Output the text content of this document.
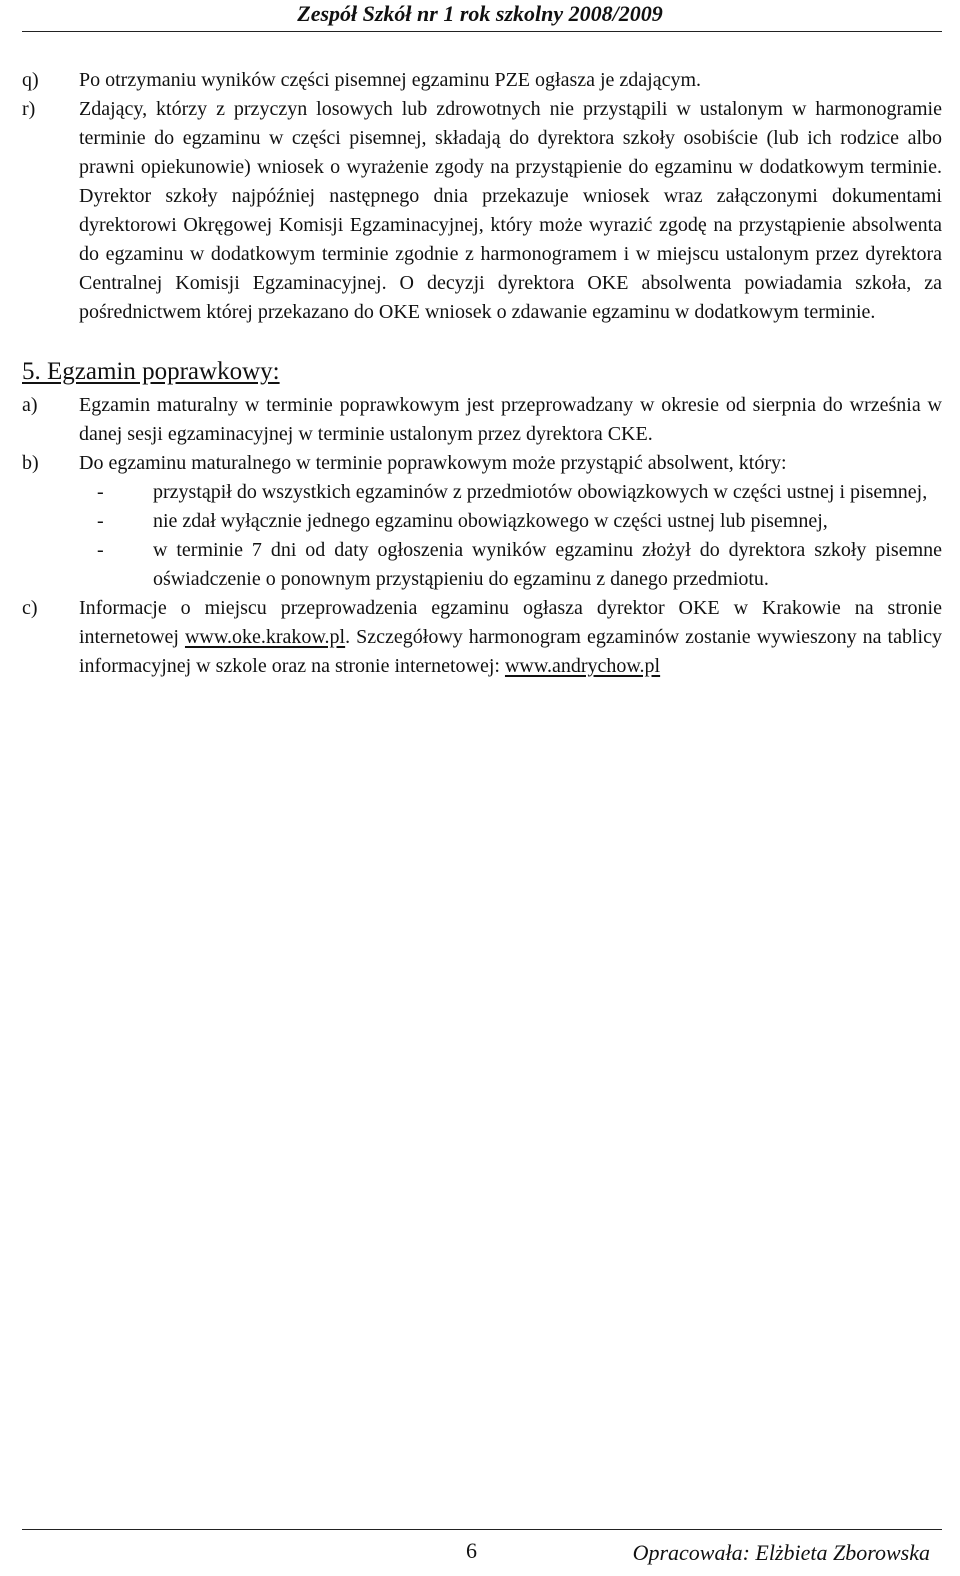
Zespół Szkół nr 1 rok szkolny 2008/2009
q)	Po otrzymaniu wyników części pisemnej egzaminu PZE ogłasza je zdającym.
r)	Zdający, którzy z przyczyn losowych lub zdrowotnych nie przystąpili w ustalonym w harmonogramie terminie do egzaminu w części pisemnej, składają do dyrektora szkoły osobiście (lub ich rodzice albo prawni opiekunowie) wniosek o wyrażenie zgody na przystąpienie do egzaminu w dodatkowym terminie. Dyrektor szkoły najpóźniej następnego dnia przekazuje wniosek wraz załączonymi dokumentami dyrektorowi Okręgowej Komisji Egzaminacyjnej, który może wyrazić zgodę na przystąpienie absolwenta do egzaminu w dodatkowym terminie zgodnie z harmonogramem i w miejscu ustalonym przez dyrektora Centralnej Komisji Egzaminacyjnej. O decyzji dyrektora OKE absolwenta powiadamia szkoła, za pośrednictwem której przekazano do OKE wniosek o zdawanie egzaminu w dodatkowym terminie.
5. Egzamin poprawkowy:
a)	Egzamin maturalny w terminie poprawkowym jest przeprowadzany w okresie od sierpnia do września w danej sesji egzaminacyjnej w terminie ustalonym przez dyrektora CKE.
b)	Do egzaminu maturalnego w terminie poprawkowym może przystąpić absolwent, który:
-	przystąpił do wszystkich egzaminów z przedmiotów obowiązkowych w części ustnej i pisemnej,
-	nie zdał wyłącznie jednego egzaminu obowiązkowego w części ustnej lub pisemnej,
-	w terminie 7 dni od daty ogłoszenia wyników egzaminu złożył do dyrektora szkoły pisemne oświadczenie o ponownym przystąpieniu do egzaminu z danego przedmiotu.
c)	Informacje o miejscu przeprowadzenia egzaminu ogłasza dyrektor OKE w Krakowie na stronie internetowej www.oke.krakow.pl. Szczegółowy harmonogram egzaminów zostanie wywieszony na tablicy informacyjnej w szkole oraz na stronie internetowej: www.andrychow.pl
6	Opracowała: Elżbieta Zborowska
